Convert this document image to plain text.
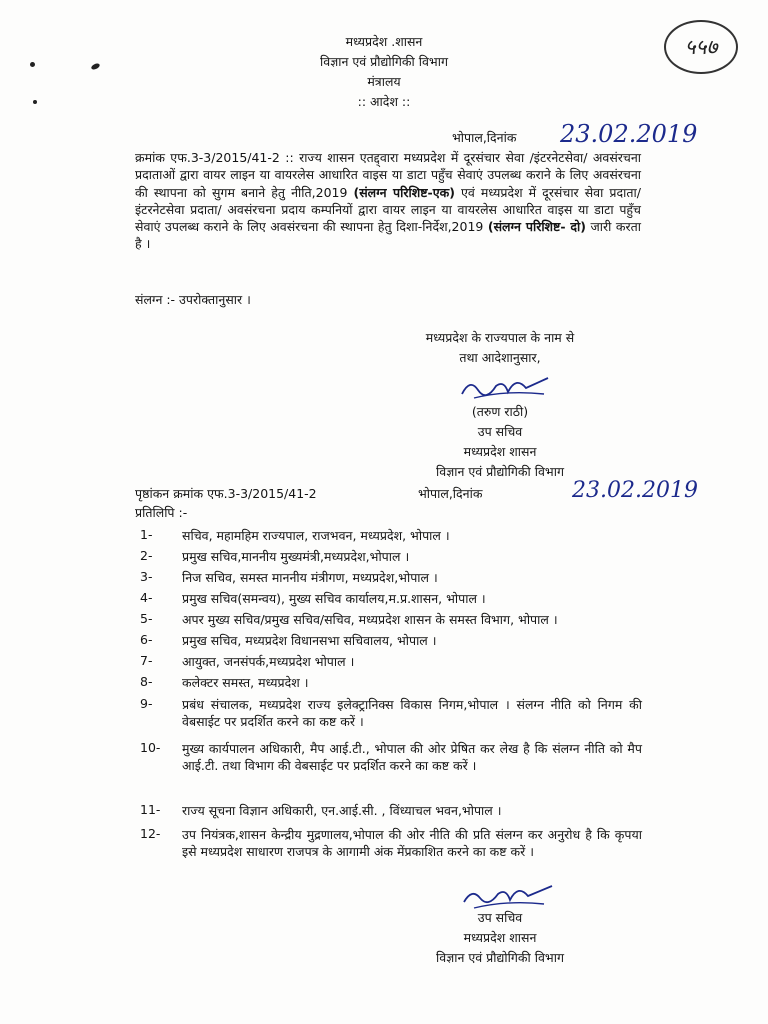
५५७
मध्यप्रदेश .शासन
विज्ञान एवं प्रौद्योगिकी विभाग
मंत्रालय
:: आदेश ::
भोपाल,दिनांक 23.02.2019
क्रमांक एफ.3-3/2015/41-2 :: राज्य शासन एतद्द्वारा मध्यप्रदेश में दूरसंचार सेवा /इंटरनेटसेवा/ अवसंरचना प्रदाताओं द्वारा वायर लाइन या वायरलेस आधारित वाइस या डाटा पहुँच सेवाएं उपलब्ध कराने के लिए अवसंरचना की स्थापना को सुगम बनाने हेतु नीति,2019 (संलग्न परिशिष्ट-एक) एवं मध्यप्रदेश में दूरसंचार सेवा प्रदाता/ इंटरनेटसेवा प्रदाता/ अवसंरचना प्रदाय कम्पनियों द्वारा वायर लाइन या वायरलेस आधारित वाइस या डाटा पहुँच सेवाएं उपलब्ध कराने के लिए अवसंरचना की स्थापना हेतु दिशा-निर्देश,2019 (संलग्न परिशिष्ट- दो) जारी करता है ।
संलग्न :- उपरोक्तानुसार ।
मध्यप्रदेश के राज्यपाल के नाम से
तथा आदेशानुसार,
(तरुण राठी)
उप सचिव
मध्यप्रदेश शासन
विज्ञान एवं प्रौद्योगिकी विभाग
पृष्ठांकन क्रमांक एफ.3-3/2015/41-2	भोपाल,दिनांक	23.02.2019
प्रतिलिपि :-
1- सचिव, महामहिम राज्यपाल, राजभवन, मध्यप्रदेश, भोपाल ।
2- प्रमुख सचिव,माननीय मुख्यमंत्री,मध्यप्रदेश,भोपाल ।
3- निज सचिव, समस्त माननीय मंत्रीगण, मध्यप्रदेश,भोपाल ।
4- प्रमुख सचिव(समन्वय), मुख्य सचिव कार्यालय,म.प्र.शासन, भोपाल ।
5- अपर मुख्य सचिव/प्रमुख सचिव/सचिव, मध्यप्रदेश शासन के समस्त विभाग, भोपाल ।
6- प्रमुख सचिव, मध्यप्रदेश विधानसभा सचिवालय, भोपाल ।
7- आयुक्त, जनसंपर्क,मध्यप्रदेश भोपाल ।
8- कलेक्टर समस्त, मध्यप्रदेश ।
9- प्रबंध संचालक, मध्यप्रदेश राज्य इलेक्ट्रानिक्स विकास निगम,भोपाल । संलग्न नीति को निगम की वेबसाईट पर प्रदर्शित करने का कष्ट करें ।
10- मुख्य कार्यपालन अधिकारी, मैप आई.टी., भोपाल की ओर प्रेषित कर लेख है कि संलग्न नीति को मैप आई.टी. तथा विभाग की वेबसाईट पर प्रदर्शित करने का कष्ट करें ।
11- राज्य सूचना विज्ञान अधिकारी, एन.आई.सी. , विंध्याचल भवन,भोपाल ।
12- उप नियंत्रक,शासन केन्द्रीय मुद्रणालय,भोपाल की ओर नीति की प्रति संलग्न कर अनुरोध है कि कृपया इसे मध्यप्रदेश साधारण राजपत्र के आगामी अंक मेंप्रकाशित करने का कष्ट करें ।
उप सचिव
मध्यप्रदेश शासन
विज्ञान एवं प्रौद्योगिकी विभाग
